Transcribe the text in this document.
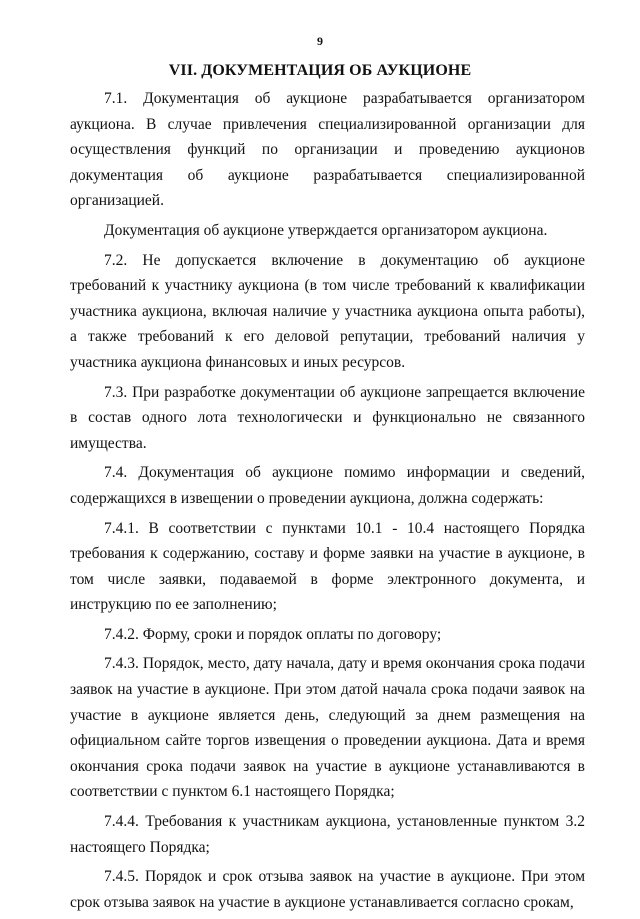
9
VII. ДОКУМЕНТАЦИЯ ОБ АУКЦИОНЕ

7.1. Документация об аукционе разрабатывается организатором аукциона. В случае привлечения специализированной организации для осуществления функций по организации и проведению аукционов документация об аукционе разрабатывается специализированной организацией.

Документация об аукционе утверждается организатором аукциона.

7.2. Не допускается включение в документацию об аукционе требований к участнику аукциона (в том числе требований к квалификации участника аукциона, включая наличие у участника аукциона опыта работы), а также требований к его деловой репутации, требований наличия у участника аукциона финансовых и иных ресурсов.

7.3. При разработке документации об аукционе запрещается включение в состав одного лота технологически и функционально не связанного имущества.

7.4. Документация об аукционе помимо информации и сведений, содержащихся в извещении о проведении аукциона, должна содержать:

7.4.1. В соответствии с пунктами 10.1 - 10.4 настоящего Порядка требования к содержанию, составу и форме заявки на участие в аукционе, в том числе заявки, подаваемой в форме электронного документа, и инструкцию по ее заполнению;

7.4.2. Форму, сроки и порядок оплаты по договору;

7.4.3. Порядок, место, дату начала, дату и время окончания срока подачи заявок на участие в аукционе. При этом датой начала срока подачи заявок на участие в аукционе является день, следующий за днем размещения на официальном сайте торгов извещения о проведении аукциона. Дата и время окончания срока подачи заявок на участие в аукционе устанавливаются в соответствии с пунктом 6.1 настоящего Порядка;

7.4.4. Требования к участникам аукциона, установленные пунктом 3.2 настоящего Порядка;

7.4.5. Порядок и срок отзыва заявок на участие в аукционе. При этом срок отзыва заявок на участие в аукционе устанавливается согласно срокам,
